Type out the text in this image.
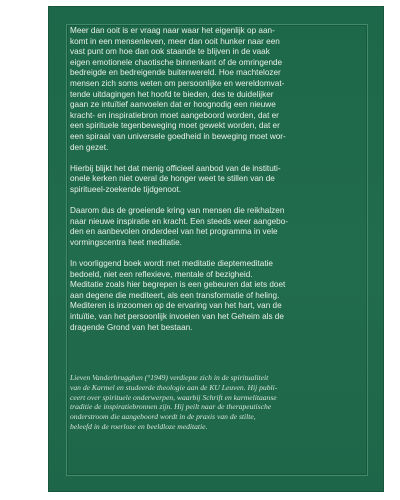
Meer dan ooit is er vraag naar waar het eigenlijk op aan-
komt in een mensenleven, meer dan ooit hunker naar een
vast punt om hoe dan ook staande te blijven in de vaak
eigen emotionele chaotische binnenkant of de omringende
bedreigde en bedreigende buitenwereld. Hoe machtelozer
mensen zich soms weten om persoonlijke en wereldomvat-
tende uitdagingen het hoofd te bieden, des te duidelijker
gaan ze intuïtief aanvoelen dat er hoognodig een nieuwe
kracht- en inspiratiebron moet aangeboord worden, dat er
een spirituele tegenbeweging moet gewekt worden, dat er
een spiraal van universele goedheid in beweging moet wor-
den gezet.

Hierbij blijkt het dat menig officieel aanbod van de instituti-
onele kerken niet overal de honger weet te stillen van de
spiritueel-zoekende tijdgenoot.

Daarom dus de groeiende kring van mensen die reikhalzen
naar nieuwe inspiratie en kracht. Een steeds weer aangebo-
den en aanbevolen onderdeel van het programma in vele
vormingscentra heet meditatie.

In voorliggend boek wordt met meditatie dieptemeditatie
bedoeld, niet een reflexieve, mentale of bezigheid.
Meditatie zoals hier begrepen is een gebeuren dat iets doet
aan degene die mediteert, als een transformatie of heling.
Mediteren is inzoomen op de ervaring van het hart, van de
intuïtie, van het persoonlijk invoelen van het Geheim als de
dragende Grond van het bestaan.

Lieven Vanderbrugghen (°1949) verdiepte zich in de spiritualiteit
van de Karmel en studeerde theologie aan de KU Leuven. Hij publi-
ceert over spirituele onderwerpen, waarbij Schrift en karmelitaanse
traditie de inspiratiebronnen zijn. Hij peilt naar de therapeutische
onderstroom die aangeboord wordt in de praxis van de stilte,
beleefd in de roerloze en beeldloze meditatie.
